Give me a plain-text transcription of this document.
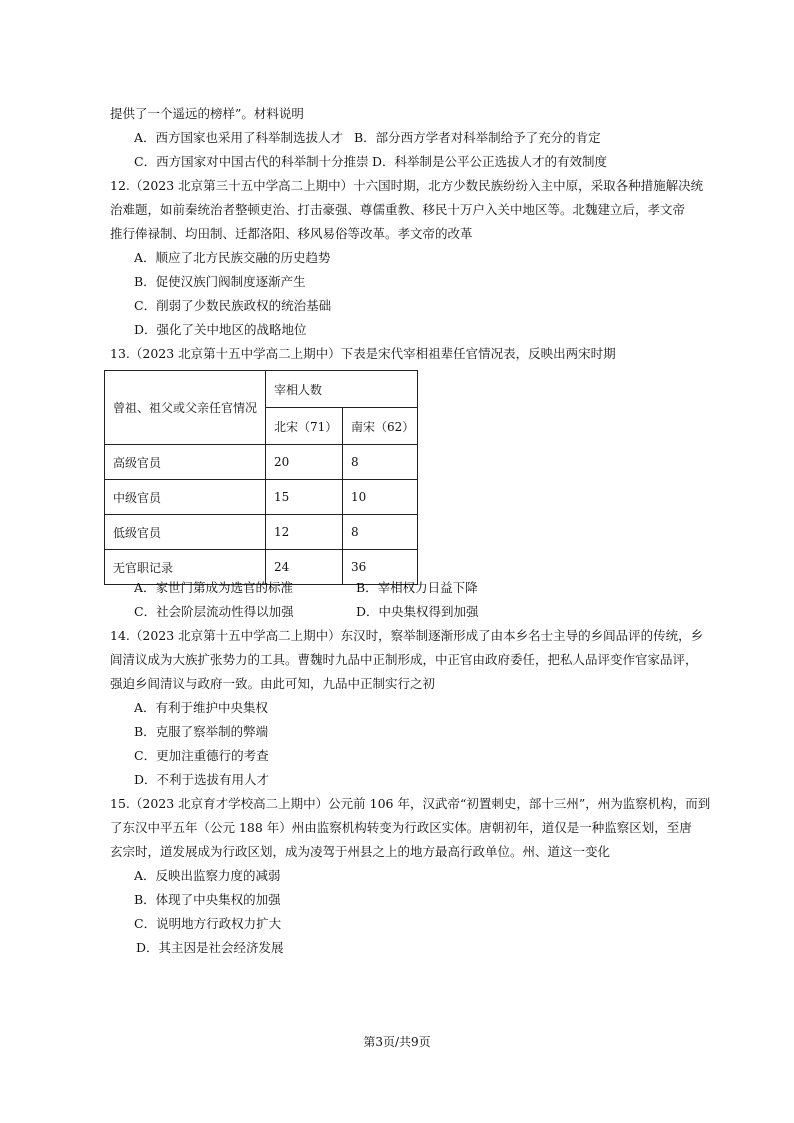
提供了一个遥远的榜样”。材料说明
A．西方国家也采用了科举制选拔人才 B．部分西方学者对科举制给予了充分的肯定
C．西方国家对中国古代的科举制十分推崇 D．科举制是公平公正选拔人才的有效制度
12.（2023 北京第三十五中学高二上期中）十六国时期，北方少数民族纷纷入主中原，采取各种措施解决统
治难题，如前秦统治者整顿吏治、打击豪强、尊儒重教、移民十万户入关中地区等。北魏建立后，孝文帝
推行俸禄制、均田制、迁都洛阳、移风易俗等改革。孝文帝的改革
A．顺应了北方民族交融的历史趋势
B．促使汉族门阀制度逐渐产生
C．削弱了少数民族政权的统治基础
D．强化了关中地区的战略地位
13.（2023 北京第十五中学高二上期中）下表是宋代宰相祖辈任官情况表，反映出两宋时期
曾祖、祖父或父亲任官情况	宰相人数	
	北宋（71）	南宋（62）
高级官员	20	8
中级官员	15	10
低级官员	12	8
无官职记录	24	36
A．家世门第成为选官的标准	B．宰相权力日益下降
C．社会阶层流动性得以加强	D．中央集权得到加强
14.（2023 北京第十五中学高二上期中）东汉时，察举制逐渐形成了由本乡名士主导的乡闾品评的传统，乡
闾清议成为大族扩张势力的工具。曹魏时九品中正制形成，中正官由政府委任，把私人品评变作官家品评，
强迫乡闾清议与政府一致。由此可知，九品中正制实行之初
A．有利于维护中央集权
B．克服了察举制的弊端
C．更加注重德行的考查
D．不利于选拔有用人才
15.（2023 北京育才学校高二上期中）公元前 106 年，汉武帝“初置刺史，部十三州”，州为监察机构，而到
了东汉中平五年（公元 188 年）州由监察机构转变为行政区实体。唐朝初年，道仅是一种监察区划，至唐
玄宗时，道发展成为行政区划，成为凌驾于州县之上的地方最高行政单位。州、道这一变化
A．反映出监察力度的减弱
B．体现了中央集权的加强
C．说明地方行政权力扩大
D．其主因是社会经济发展
第3页/共9页
